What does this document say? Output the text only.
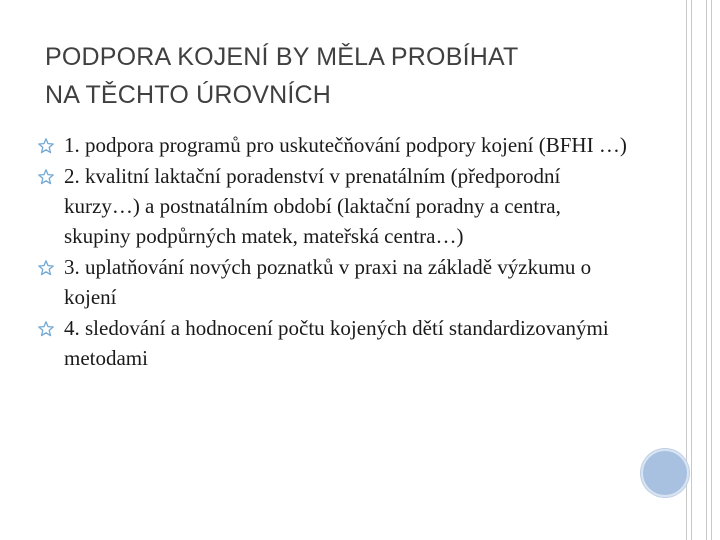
PODPORA KOJENÍ BY MĚLA PROBÍHAT
NA TĚCHTO ÚROVNÍCH
1. podpora programů pro uskutečňování podpory kojení (BFHI …)
2. kvalitní laktační poradenství v prenatálním (předporodní kurzy…) a postnatálním období (laktační poradny a centra, skupiny podpůrných matek, mateřská centra…)
3. uplatňování nových poznatků v praxi na základě výzkumu o kojení
4. sledování a hodnocení počtu kojených dětí standardizovanými metodami
